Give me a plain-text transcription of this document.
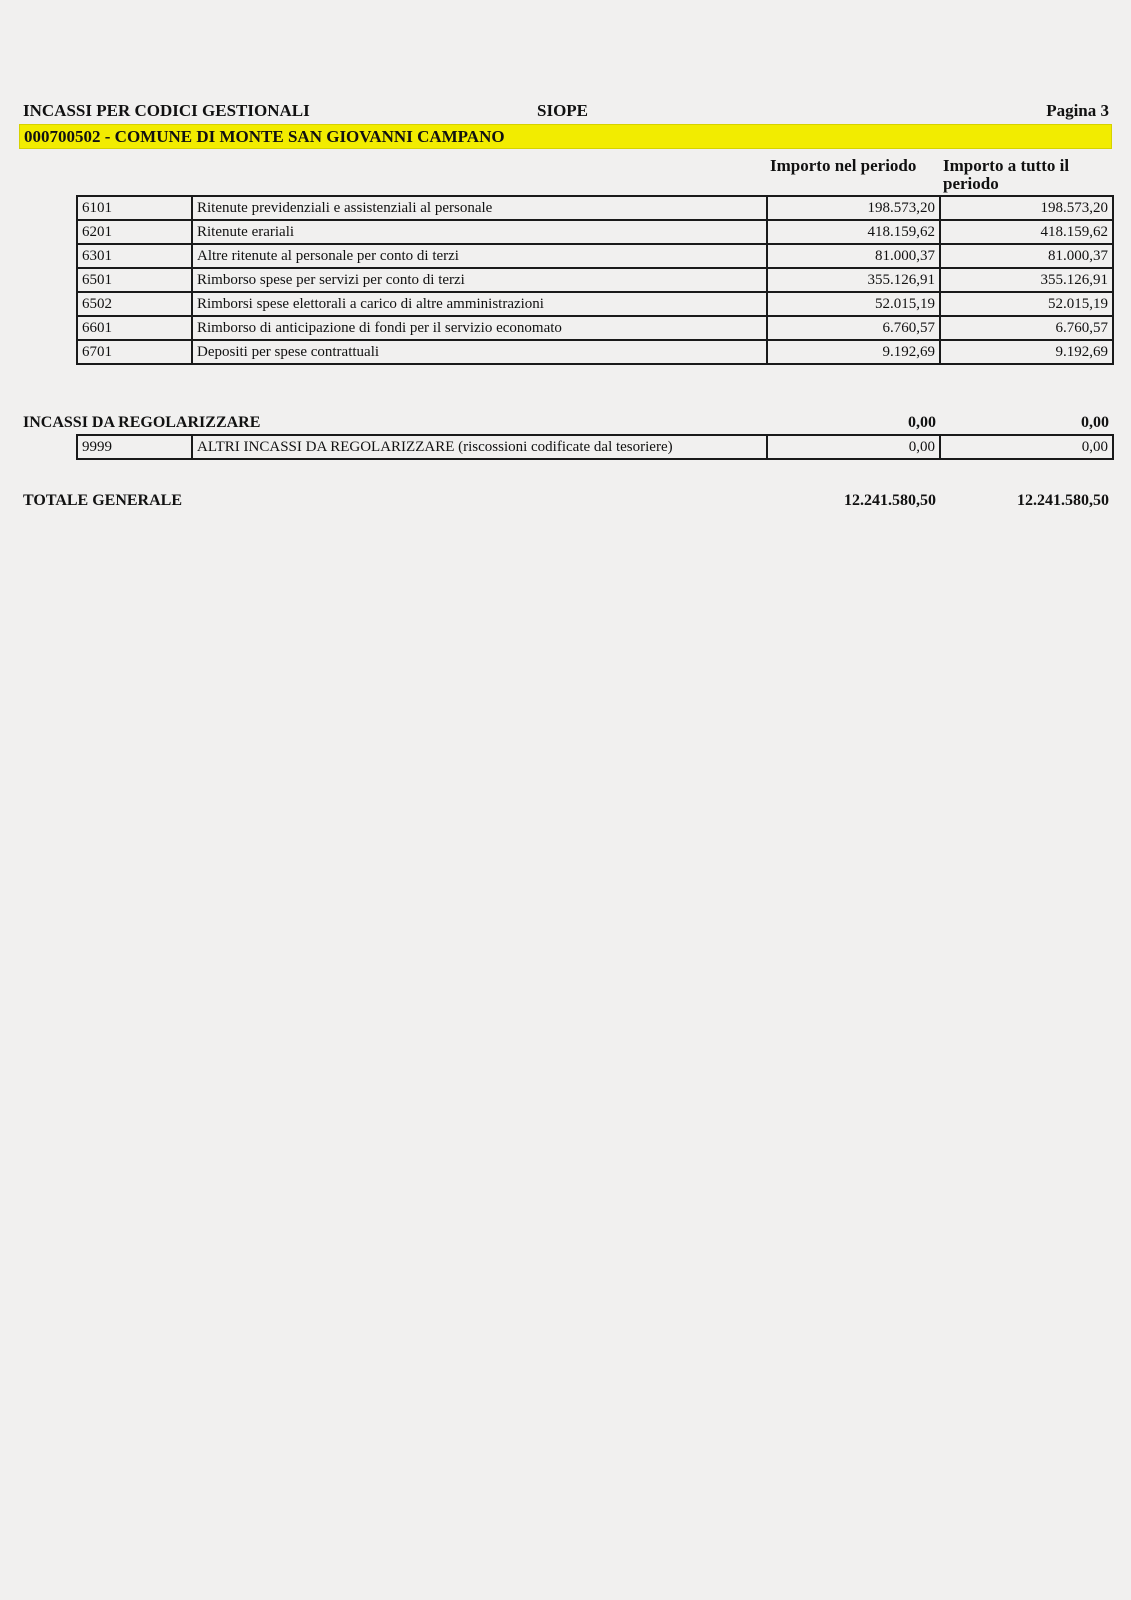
INCASSI PER CODICI GESTIONALI	SIOPE	Pagina 3
000700502 - COMUNE DI MONTE SAN GIOVANNI CAMPANO
Importo nel periodo Importo a tutto il periodo
6101	Ritenute previdenziali e assistenziali al personale	198.573,20	198.573,20
6201	Ritenute erariali	418.159,62	418.159,62
6301	Altre ritenute al personale per conto di terzi	81.000,37	81.000,37
6501	Rimborso spese per servizi per conto di terzi	355.126,91	355.126,91
6502	Rimborsi spese elettorali a carico di altre amministrazioni	52.015,19	52.015,19
6601	Rimborso di anticipazione di fondi per il servizio economato	6.760,57	6.760,57
6701	Depositi per spese contrattuali	9.192,69	9.192,69
INCASSI DA REGOLARIZZARE	0,00	0,00
9999	ALTRI INCASSI DA REGOLARIZZARE (riscossioni codificate dal tesoriere)	0,00	0,00
TOTALE GENERALE	12.241.580,50	12.241.580,50
